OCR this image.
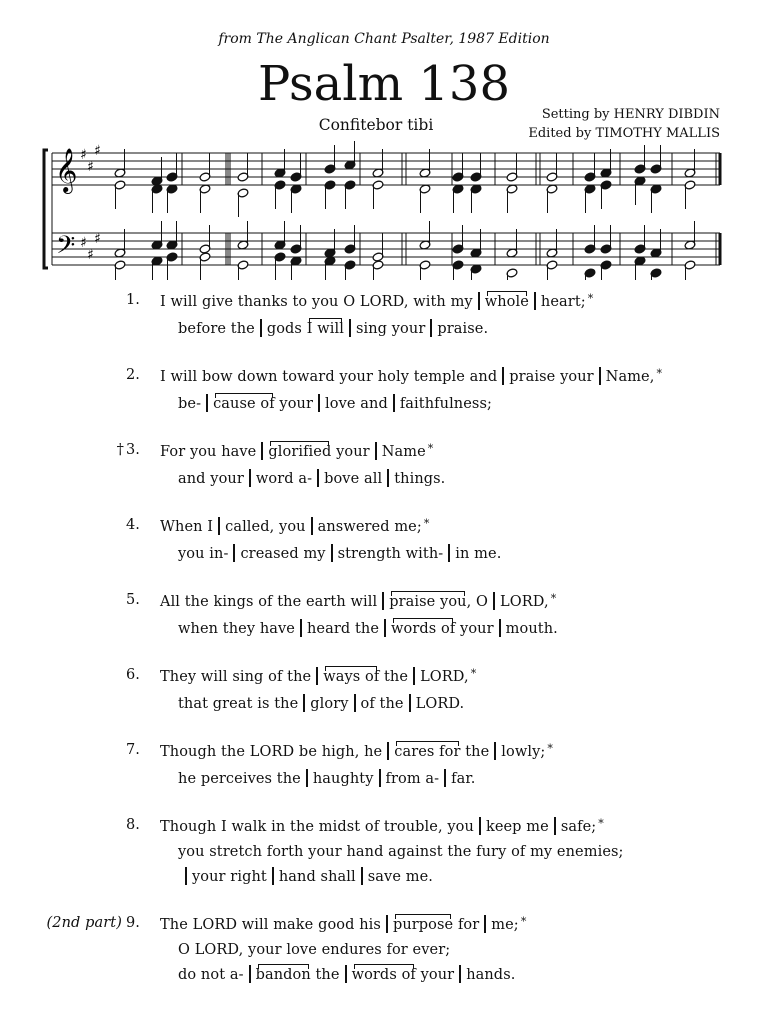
from The Anglican Chant Psalter, 1987 Edition
Psalm 138
Confitebor tibi
Setting by HENRY DIBDIN
Edited by TIMOTHY MALLIS
𝄞
𝄢
♯
♯
♯
♯
♯
♯
1. I will give thanks to you O LORD, with my whole heart; *
before the gods I will sing your praise.
2. I will bow down toward your holy temple and praise your Name, *
be- cause of your love and faithfulness;
3.
† For you have glorified your Name *
and your word a- bove all things.
4. When I called, you answered me; *
you in- creased my strength with- in me.
5. All the kings of the earth will praise you, O LORD, *
when they have heard the words of your mouth.
6. They will sing of the ways of the LORD, *
that great is the glory of the LORD.
7. Though the LORD be high, he cares for the lowly; *
he perceives the haughty from a- far.
8. Though I walk in the midst of trouble, you keep me safe; *
you stretch forth your hand against the fury of my enemies;
your right hand shall save me.
9.
(2nd part)	The LORD will make good his purpose for me; *
O LORD, your love endures for ever;
do not a- bandon the words of your hands.
